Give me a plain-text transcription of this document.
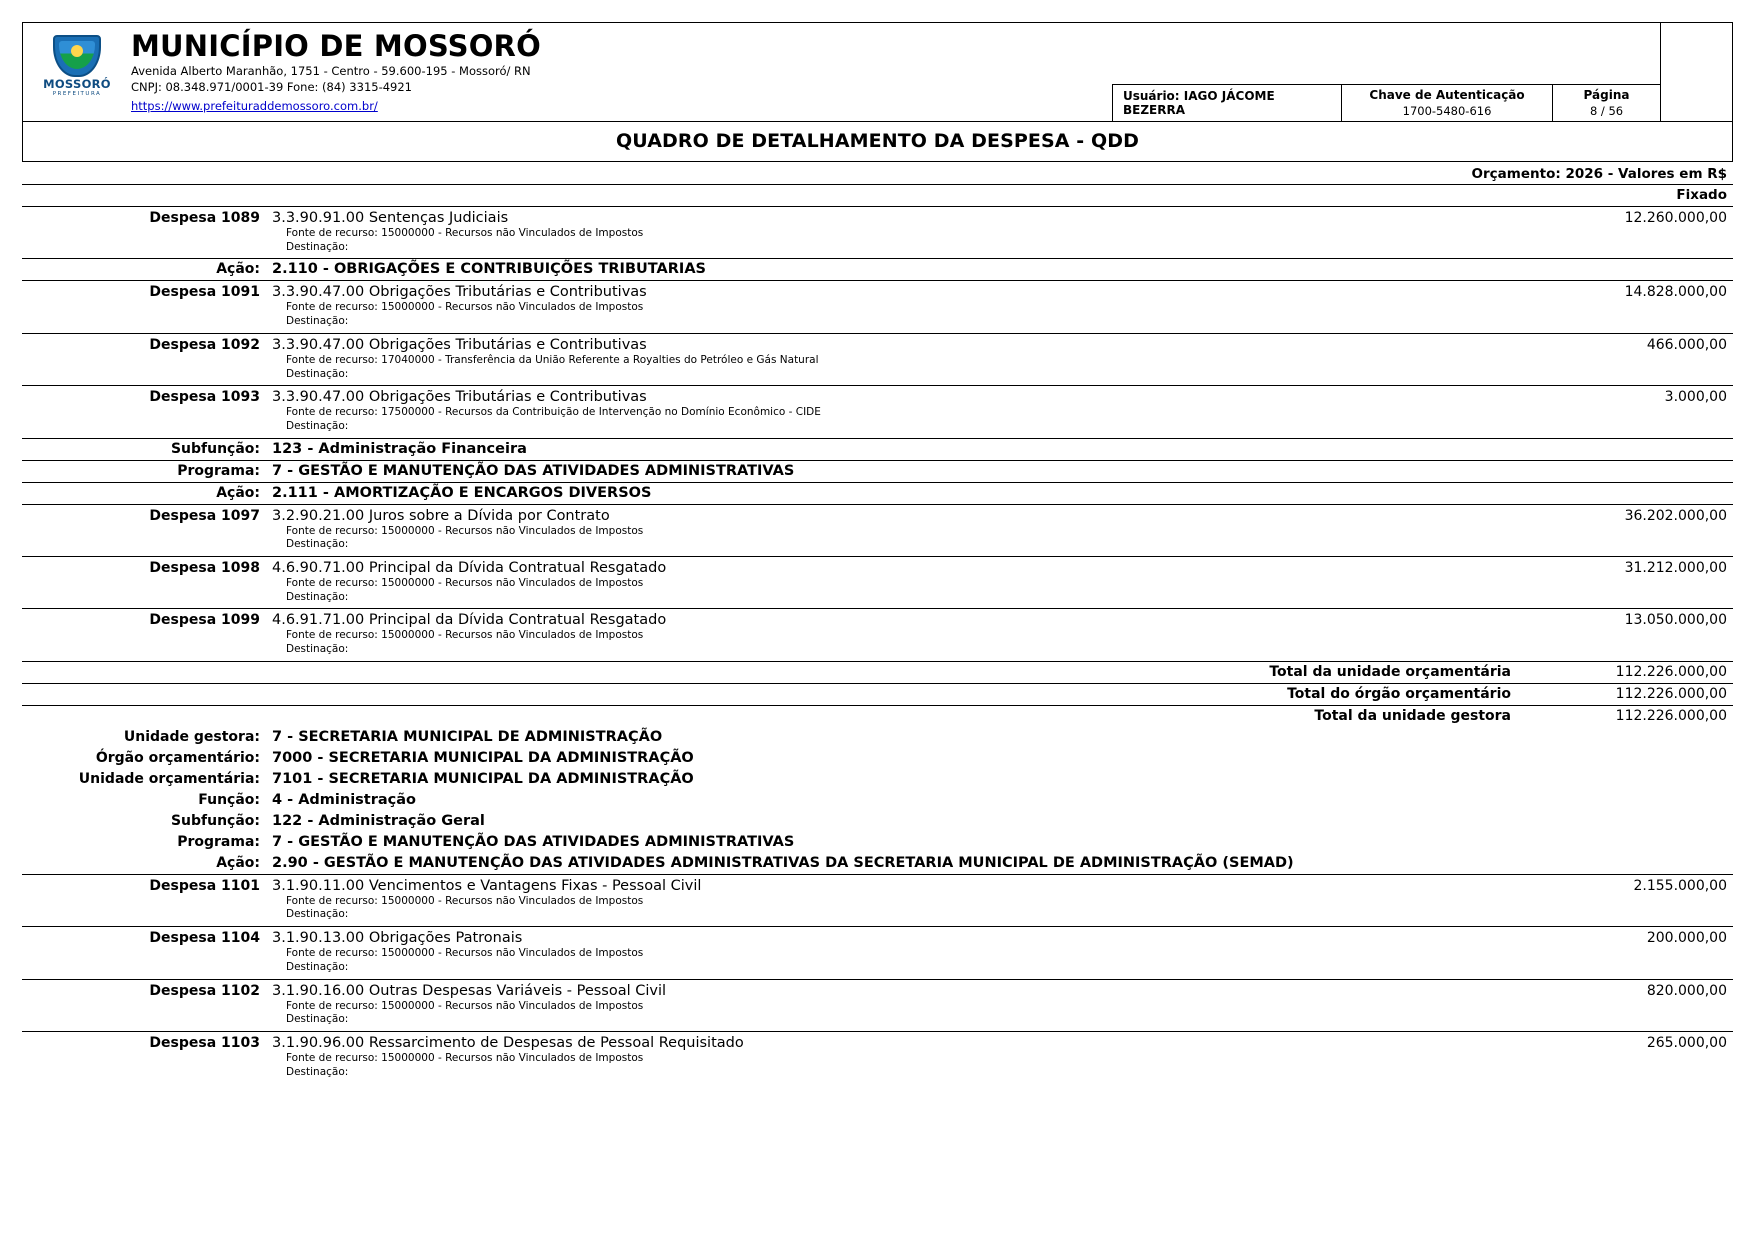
MOSSORÓ
PREFEITURA
MUNICÍPIO DE MOSSORÓ
Avenida Alberto Maranhão, 1751 - Centro - 59.600-195 - Mossoró/ RN
CNPJ: 08.348.971/0001-39 Fone: (84) 3315-4921
https://www.prefeituraddemossoro.com.br/
Usuário: IAGO JÁCOME BEZERRA
Chave de Autenticação
1700-5480-616
Página
8 / 56
QUADRO DE DETALHAMENTO DA DESPESA - QDD
Orçamento: 2026 - Valores em R$
Fixado
Despesa 1089 3.3.90.91.00 Sentenças Judiciais
Fonte de recurso: 15000000 - Recursos não Vinculados de Impostos
Destinação:
12.260.000,00
Ação: 2.110 - OBRIGAÇÕES E CONTRIBUIÇÕES TRIBUTARIAS
Despesa 1091 3.3.90.47.00 Obrigações Tributárias e Contributivas
Fonte de recurso: 15000000 - Recursos não Vinculados de Impostos
Destinação:
14.828.000,00
Despesa 1092 3.3.90.47.00 Obrigações Tributárias e Contributivas
Fonte de recurso: 17040000 - Transferência da União Referente a Royalties do Petróleo e Gás Natural
Destinação:
466.000,00
Despesa 1093 3.3.90.47.00 Obrigações Tributárias e Contributivas
Fonte de recurso: 17500000 - Recursos da Contribuição de Intervenção no Domínio Econômico - CIDE
Destinação:
3.000,00
Subfunção: 123 - Administração Financeira
Programa: 7 - GESTÃO E MANUTENÇÃO DAS ATIVIDADES ADMINISTRATIVAS
Ação: 2.111 - AMORTIZAÇÃO E ENCARGOS DIVERSOS
Despesa 1097 3.2.90.21.00 Juros sobre a Dívida por Contrato
Fonte de recurso: 15000000 - Recursos não Vinculados de Impostos
Destinação:
36.202.000,00
Despesa 1098 4.6.90.71.00 Principal da Dívida Contratual Resgatado
Fonte de recurso: 15000000 - Recursos não Vinculados de Impostos
Destinação:
31.212.000,00
Despesa 1099 4.6.91.71.00 Principal da Dívida Contratual Resgatado
Fonte de recurso: 15000000 - Recursos não Vinculados de Impostos
Destinação:
13.050.000,00
Total da unidade orçamentária	112.226.000,00
Total do órgão orçamentário	112.226.000,00
Total da unidade gestora	112.226.000,00
Unidade gestora: 7 - SECRETARIA MUNICIPAL DE ADMINISTRAÇÃO
Órgão orçamentário: 7000 - SECRETARIA MUNICIPAL DA ADMINISTRAÇÃO
Unidade orçamentária: 7101 - SECRETARIA MUNICIPAL DA ADMINISTRAÇÃO
Função: 4 - Administração
Subfunção: 122 - Administração Geral
Programa: 7 - GESTÃO E MANUTENÇÃO DAS ATIVIDADES ADMINISTRATIVAS
Ação: 2.90 - GESTÃO E MANUTENÇÃO DAS ATIVIDADES ADMINISTRATIVAS DA SECRETARIA MUNICIPAL DE ADMINISTRAÇÃO (SEMAD)
Despesa 1101 3.1.90.11.00 Vencimentos e Vantagens Fixas - Pessoal Civil
Fonte de recurso: 15000000 - Recursos não Vinculados de Impostos
Destinação:
2.155.000,00
Despesa 1104 3.1.90.13.00 Obrigações Patronais
Fonte de recurso: 15000000 - Recursos não Vinculados de Impostos
Destinação:
200.000,00
Despesa 1102 3.1.90.16.00 Outras Despesas Variáveis - Pessoal Civil
Fonte de recurso: 15000000 - Recursos não Vinculados de Impostos
Destinação:
820.000,00
Despesa 1103 3.1.90.96.00 Ressarcimento de Despesas de Pessoal Requisitado
Fonte de recurso: 15000000 - Recursos não Vinculados de Impostos
Destinação:
265.000,00
